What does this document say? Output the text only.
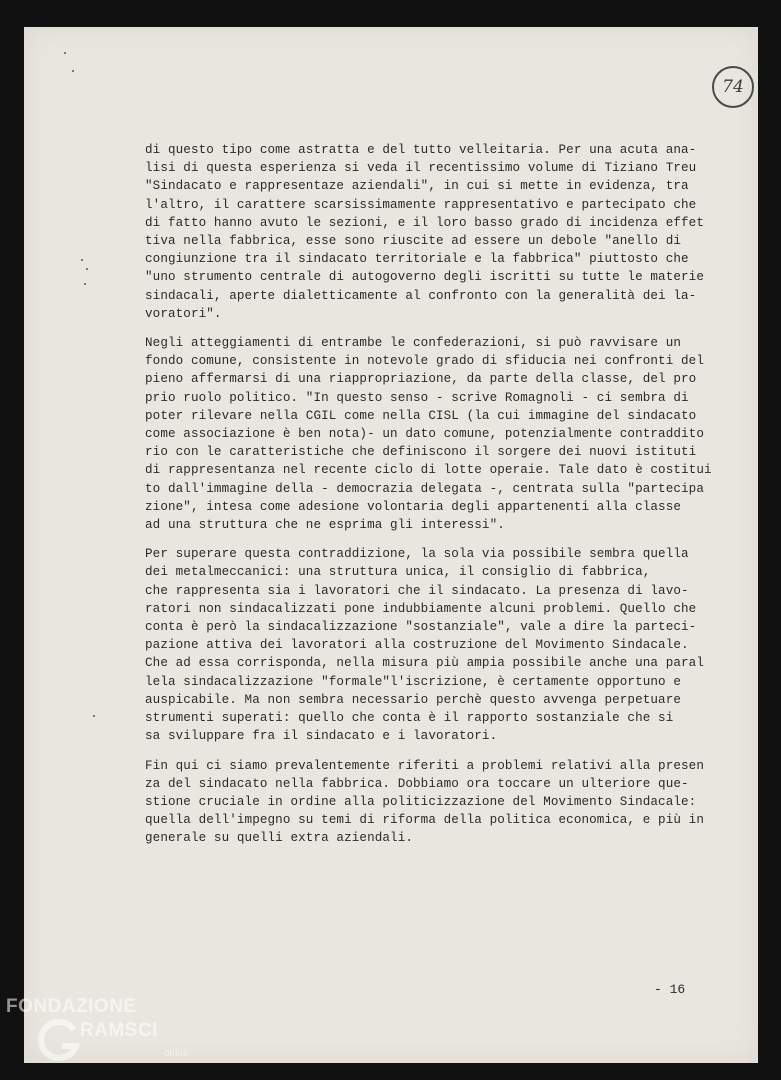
74
di questo tipo come astratta e del tutto velleitaria. Per una acuta ana-
lisi di questa esperienza si veda il recentissimo volume di Tiziano Treu
"Sindacato e rappresentaze aziendali", in cui si mette in evidenza, tra
l'altro, il carattere scarsissimamente rappresentativo e partecipato che
di fatto hanno avuto le sezioni, e il loro basso grado di incidenza effet
tiva nella fabbrica, esse sono riuscite ad essere un debole "anello di
congiunzione tra il sindacato territoriale e la fabbrica" piuttosto che
"uno strumento centrale di autogoverno degli iscritti su tutte le materie
sindacali, aperte dialetticamente al confronto con la generalità dei la-
voratori".
Negli atteggiamenti di entrambe le confederazioni, si può ravvisare un
fondo comune, consistente in notevole grado di sfiducia nei confronti del
pieno affermarsi di una riappropriazione, da parte della classe, del pro
prio ruolo politico. "In questo senso - scrive Romagnoli - ci sembra di
poter rilevare nella CGIL come nella CISL (la cui immagine del sindacato
come associazione è ben nota)- un dato comune, potenzialmente contraddito
rio con le caratteristiche che definiscono il sorgere dei nuovi istituti
di rappresentanza nel recente ciclo di lotte operaie. Tale dato è costitui
to dall'immagine della - democrazia delegata -, centrata sulla "partecipa
zione", intesa come adesione volontaria degli appartenenti alla classe
ad una struttura che ne esprima gli interessi".
Per superare questa contraddizione, la sola via possibile sembra quella
dei metalmeccanici: una struttura unica, il consiglio di fabbrica,
che rappresenta sia i lavoratori che il sindacato. La presenza di lavo-
ratori non sindacalizzati pone indubbiamente alcuni problemi. Quello che
conta è però la sindacalizzazione "sostanziale", vale a dire la parteci-
pazione attiva dei lavoratori alla costruzione del Movimento Sindacale.
Che ad essa corrisponda, nella misura più ampia possibile anche una paral
lela sindacalizzazione "formale"l'iscrizione, è certamente opportuno e
auspicabile. Ma non sembra necessario perchè questo avvenga perpetuare
strumenti superati: quello che conta è il rapporto sostanziale che si
sa sviluppare fra il sindacato e i lavoratori.
Fin qui ci siamo prevalentemente riferiti a problemi relativi alla presen
za del sindacato nella fabbrica. Dobbiamo ora toccare un ulteriore que-
stione cruciale in ordine alla politicizzazione del Movimento Sindacale:
quella dell'impegno su temi di riforma della politica economica, e più in
generale su quelli extra aziendali.
- 16
FONDAZIONE
RAMSCI
onlus
